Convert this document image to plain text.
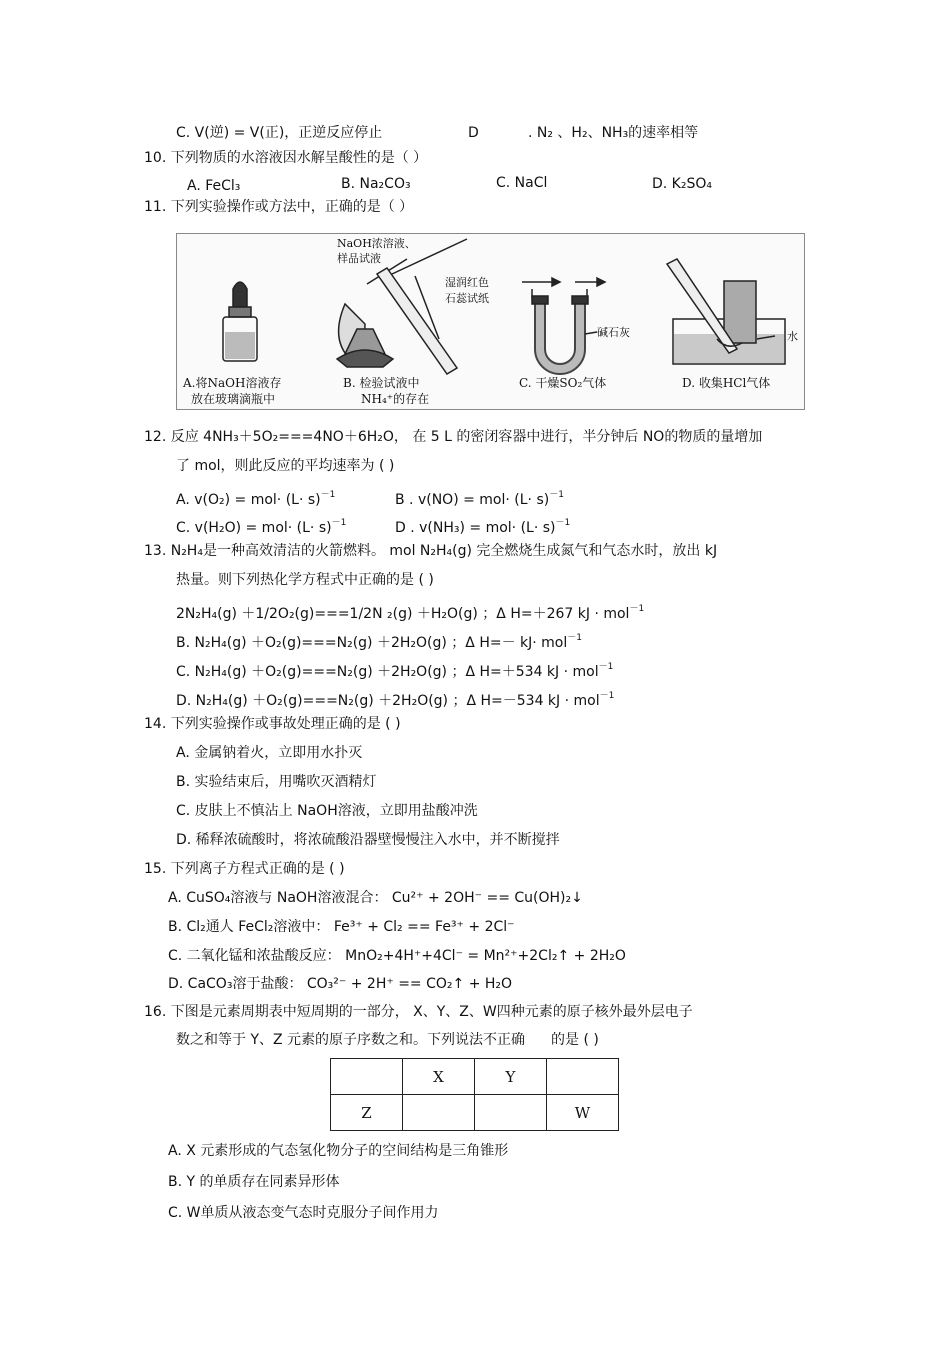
C. V(逆) = V(正)，正逆反应停止	D	. N₂ 、H₂、NH₃的速率相等
10. 下列物质的水溶液因水解呈酸性的是（ ）
A. FeCl₃	B. Na₂CO₃	C. NaCl	D. K₂SO₄
11. 下列实验操作或方法中，正确的是（ ）
NaOH浓溶液、
样品试液
湿润红色
石蕊试纸
碱石灰	水
A.将NaOH溶液存
放在玻璃滴瓶中
B. 检验试液中
NH₄⁺的存在
C. 干燥SO₂气体	D. 收集HCl气体
12. 反应 4NH₃＋5O₂===4NO＋6H₂O， 在 5 L 的密闭容器中进行，半分钟后 NO的物质的量增加
了 mol，则此反应的平均速率为 ( )
A. $v(O_2) = mol\cdot (L\cdot s)^{-1}$	B . $v(NO) = mol\cdot (L\cdot s)^{-1}$
C. $v(H_2O) = mol\cdot (L\cdot s)^{-1}$	D . $v(NH_3) = mol\cdot (L\cdot s)^{-1}$
13. N₂H₄是一种高效清洁的火箭燃料。 mol N₂H₄(g) 完全燃烧生成氮气和气态水时，放出 kJ
热量。则下列热化学方程式中正确的是 ( )
2N₂H₄(g) ＋1/2O₂(g)===1/2N ₂(g) ＋H₂O(g) ；Δ H=＋267 kJ · mol$^{-1}$
B. N₂H₄(g) ＋O₂(g)===N₂(g) ＋2H₂O(g) ；Δ H=－ kJ· mol$^{-1}$
C. N₂H₄(g) ＋O₂(g)===N₂(g) ＋2H₂O(g) ；Δ H=＋534 kJ · mol$^{-1}$
D. N₂H₄(g) ＋O₂(g)===N₂(g) ＋2H₂O(g) ；Δ H=－534 kJ · mol$^{-1}$
14. 下列实验操作或事故处理正确的是 ( )
A. 金属钠着火，立即用水扑灭
B. 实验结束后，用嘴吹灭酒精灯
C. 皮肤上不慎沾上 NaOH溶液，立即用盐酸冲洗
D. 稀释浓硫酸时，将浓硫酸沿器壁慢慢注入水中，并不断搅拌
15. 下列离子方程式正确的是 ( )
A. CuSO₄溶液与 NaOH溶液混合： Cu²⁺ + 2OH⁻ == Cu(OH)₂↓
B. Cl₂通人 FeCl₂溶液中： Fe³⁺ + Cl₂ == Fe³⁺ + 2Cl⁻
C. 二氧化锰和浓盐酸反应： MnO₂+4H⁺+4Cl⁻ = Mn²⁺+2Cl₂↑ + 2H₂O
D. CaCO₃溶于盐酸： CO₃²⁻ + 2H⁺ == CO₂↑ + H₂O
16. 下图是元素周期表中短周期的一部分， X、Y、Z、W四种元素的原子核外最外层电子
数之和等于 Y、Z 元素的原子序数之和。下列说法不正确 的是 ( )
	X	Y	
Z			W
A. X 元素形成的气态氢化物分子的空间结构是三角锥形
B. Y 的单质存在同素异形体
C. W单质从液态变气态时克服分子间作用力
